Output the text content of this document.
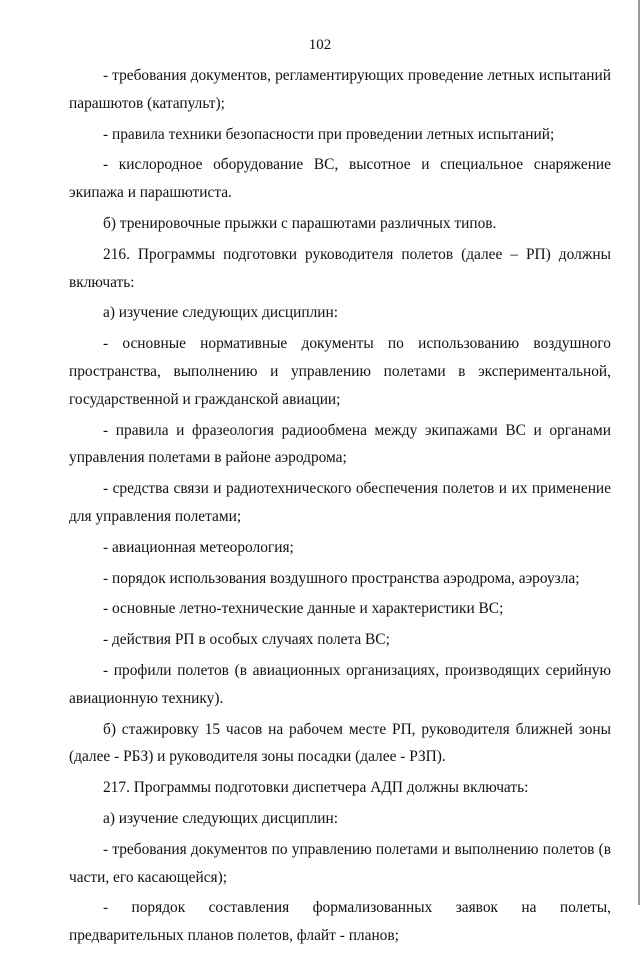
102

- требования документов, регламентирующих проведение летных испытаний парашютов (катапульт);

- правила техники безопасности при проведении летных испытаний;

- кислородное оборудование ВС, высотное и специальное снаряжение экипажа и парашютиста.

б) тренировочные прыжки с парашютами различных типов.

216. Программы подготовки руководителя полетов (далее – РП) должны включать:

а) изучение следующих дисциплин:

- основные нормативные документы по использованию воздушного пространства, выполнению и управлению полетами в экспериментальной, государственной и гражданской авиации;

- правила и фразеология радиообмена между экипажами ВС и органами управления полетами в районе аэродрома;

- средства связи и радиотехнического обеспечения полетов и их применение для управления полетами;

- авиационная метеорология;

- порядок использования воздушного пространства аэродрома, аэроузла;

- основные летно-технические данные и характеристики ВС;

- действия РП в особых случаях полета ВС;

- профили полетов (в авиационных организациях, производящих серийную авиационную технику).

б) стажировку 15 часов на рабочем месте РП, руководителя ближней зоны (далее - РБЗ) и руководителя зоны посадки (далее - РЗП).

217. Программы подготовки диспетчера АДП должны включать:

а) изучение следующих дисциплин:

- требования документов по управлению полетами и выполнению полетов (в части, его касающейся);

- порядок составления формализованных заявок на полеты, предварительных планов полетов, флайт - планов;
